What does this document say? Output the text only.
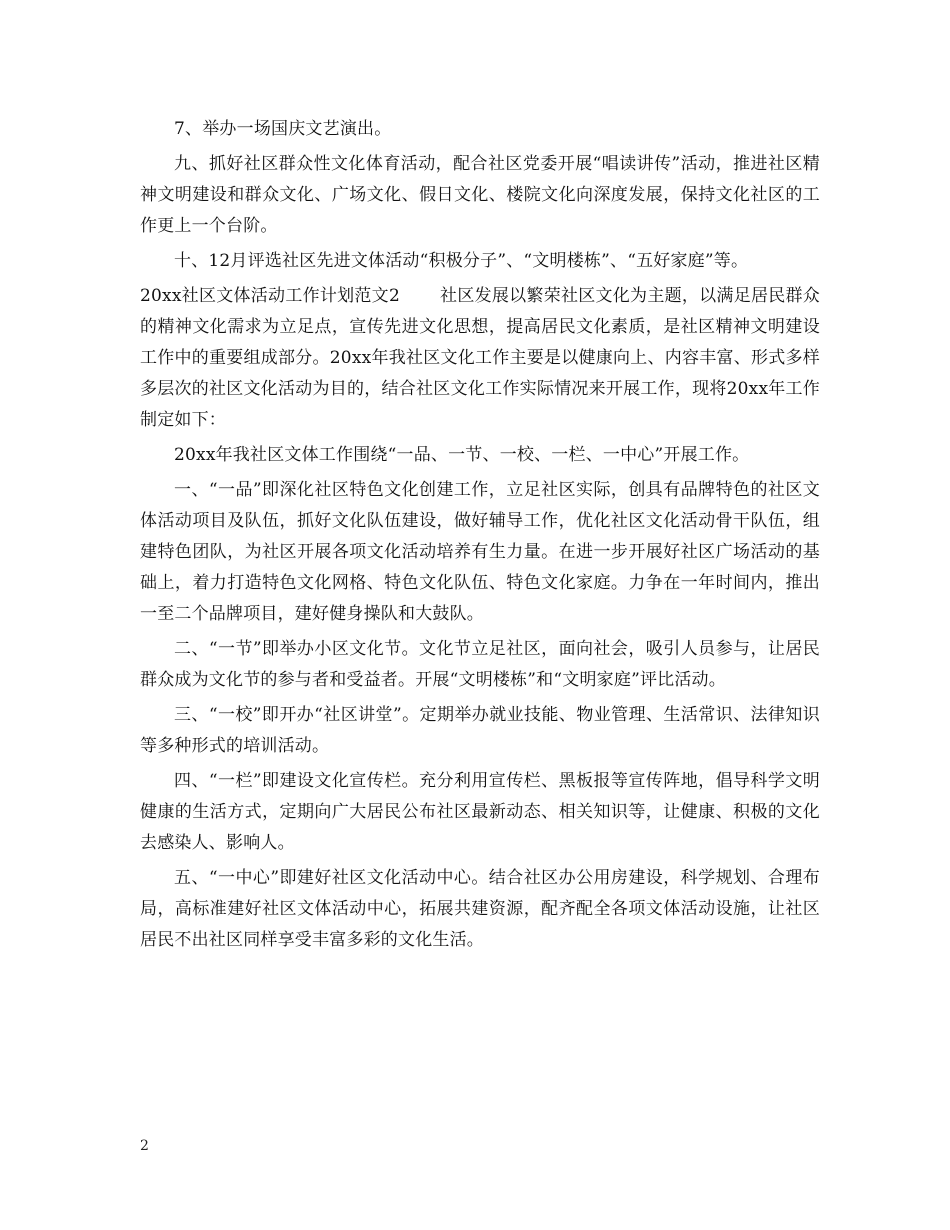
7、举办一场国庆文艺演出。

九、抓好社区群众性文化体育活动，配合社区党委开展“唱读讲传”活动，推进社区精神文明建设和群众文化、广场文化、假日文化、楼院文化向深度发展，保持文化社区的工作更上一个台阶。

十、12月评选社区先进文体活动“积极分子”、“文明楼栋”、“五好家庭”等。

20xx社区文体活动工作计划范文2 社区发展以繁荣社区文化为主题，以满足居民群众的精神文化需求为立足点，宣传先进文化思想，提高居民文化素质，是社区精神文明建设工作中的重要组成部分。20xx年我社区文化工作主要是以健康向上、内容丰富、形式多样多层次的社区文化活动为目的，结合社区文化工作实际情况来开展工作，现将20xx年工作制定如下：

20xx年我社区文体工作围绕“一品、一节、一校、一栏、一中心”开展工作。

一、“一品”即深化社区特色文化创建工作，立足社区实际，创具有品牌特色的社区文体活动项目及队伍，抓好文化队伍建设，做好辅导工作，优化社区文化活动骨干队伍，组建特色团队，为社区开展各项文化活动培养有生力量。在进一步开展好社区广场活动的基础上，着力打造特色文化网格、特色文化队伍、特色文化家庭。力争在一年时间内，推出一至二个品牌项目，建好健身操队和大鼓队。

二、“一节”即举办小区文化节。文化节立足社区，面向社会，吸引人员参与，让居民群众成为文化节的参与者和受益者。开展“文明楼栋”和“文明家庭”评比活动。

三、“一校”即开办“社区讲堂”。定期举办就业技能、物业管理、生活常识、法律知识等多种形式的培训活动。

四、“一栏”即建设文化宣传栏。充分利用宣传栏、黑板报等宣传阵地，倡导科学文明健康的生活方式，定期向广大居民公布社区最新动态、相关知识等，让健康、积极的文化去感染人、影响人。

五、“一中心”即建好社区文化活动中心。结合社区办公用房建设，科学规划、合理布局，高标准建好社区文体活动中心，拓展共建资源，配齐配全各项文体活动设施，让社区居民不出社区同样享受丰富多彩的文化生活。

2
